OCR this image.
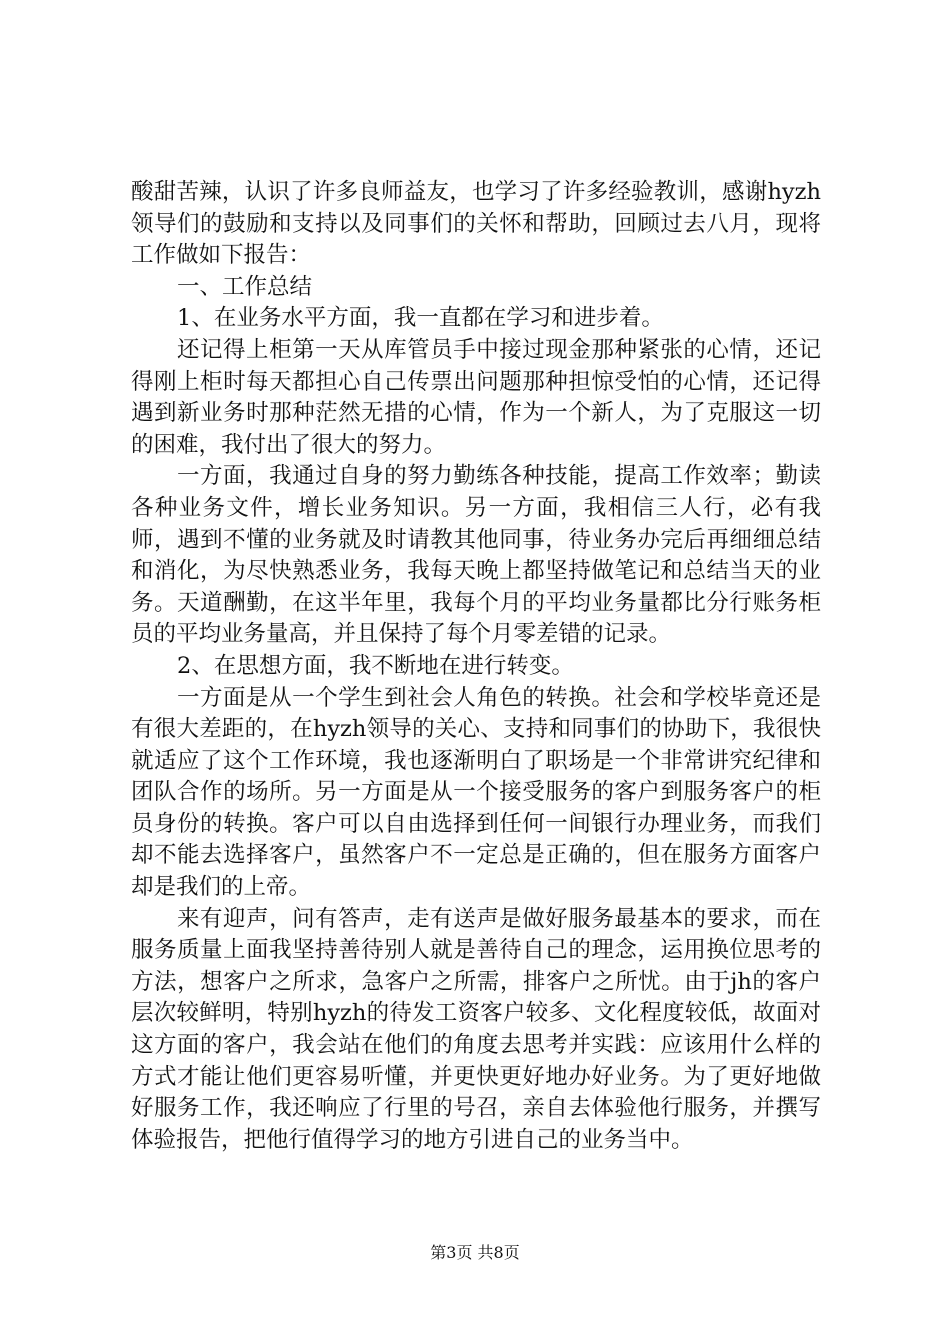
酸甜苦辣，认识了许多良师益友，也学习了许多经验教训，感谢hyzh领导们的鼓励和支持以及同事们的关怀和帮助，回顾过去八月，现将工作做如下报告：

一、工作总结

1、在业务水平方面，我一直都在学习和进步着。

还记得上柜第一天从库管员手中接过现金那种紧张的心情，还记得刚上柜时每天都担心自己传票出问题那种担惊受怕的心情，还记得遇到新业务时那种茫然无措的心情，作为一个新人，为了克服这一切的困难，我付出了很大的努力。

一方面，我通过自身的努力勤练各种技能，提高工作效率；勤读各种业务文件，增长业务知识。另一方面，我相信三人行，必有我师，遇到不懂的业务就及时请教其他同事，待业务办完后再细细总结和消化，为尽快熟悉业务，我每天晚上都坚持做笔记和总结当天的业务。天道酬勤，在这半年里，我每个月的平均业务量都比分行账务柜员的平均业务量高，并且保持了每个月零差错的记录。

2、在思想方面，我不断地在进行转变。

一方面是从一个学生到社会人角色的转换。社会和学校毕竟还是有很大差距的，在hyzh领导的关心、支持和同事们的协助下，我很快就适应了这个工作环境，我也逐渐明白了职场是一个非常讲究纪律和团队合作的场所。另一方面是从一个接受服务的客户到服务客户的柜员身份的转换。客户可以自由选择到任何一间银行办理业务，而我们却不能去选择客户，虽然客户不一定总是正确的，但在服务方面客户却是我们的上帝。

来有迎声，问有答声，走有送声是做好服务最基本的要求，而在服务质量上面我坚持善待别人就是善待自己的理念，运用换位思考的方法，想客户之所求，急客户之所需，排客户之所忧。由于jh的客户层次较鲜明，特别hyzh的待发工资客户较多、文化程度较低，故面对这方面的客户，我会站在他们的角度去思考并实践：应该用什么样的方式才能让他们更容易听懂，并更快更好地办好业务。为了更好地做好服务工作，我还响应了行里的号召，亲自去体验他行服务，并撰写体验报告，把他行值得学习的地方引进自己的业务当中。

第3页 共8页
